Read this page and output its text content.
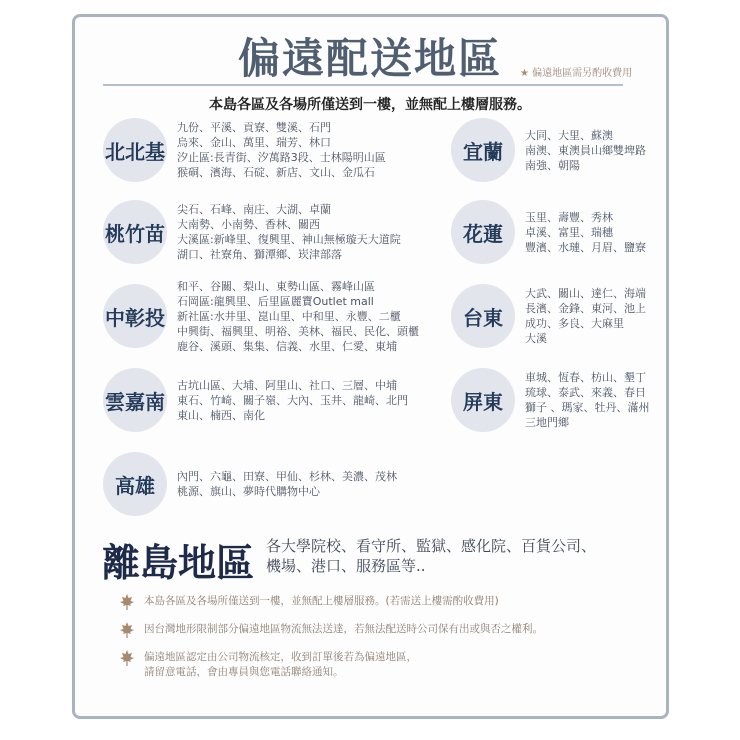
偏遠配送地區	★ 偏遠地區需另酌收費用
本島各區及各場所僅送到一樓，並無配上樓層服務。
北北基
九份、平溪、貢寮、雙溪、石門
烏來、金山、萬里、瑞芳、林口
汐止區:長青街、汐萬路3段、士林陽明山區
猴硐、濱海、石碇、新店、文山、金瓜石
宜蘭
大同、大里、蘇澳
南澳、東澳員山鄉雙埤路
南強、朝陽
桃竹苗
尖石、石峰、南庄、大湖、卓蘭
大南勢、小南勢、香林、關西
大溪區:新峰里、復興里、神山無極璇天大道院
湖口、社寮角、獅潭鄉、崁津部落
花蓮
玉里、壽豐、秀林
卓溪、富里、瑞穗
豐濱、水璉、月眉、鹽寮
中彰投
和平、谷關、梨山、東勢山區、霧峰山區
石岡區:龍興里、后里區麗寶Outlet mall
新社區:水井里、崑山里、中和里、永豐、二櫃
中興街、福興里、明裕、美林、福民、民化、頭櫃
鹿谷、溪頭、集集、信義、水里、仁愛、東埔
台東
大武、關山、達仁、海端
長濱、金鋒、東河、池上
成功、多良、大麻里
大溪
雲嘉南
古坑山區、大埔、阿里山、社口、三層、中埔
東石、竹崎、關子嶺、大內、玉井、龍崎、北門
東山、楠西、南化
屏東
車城、恆春、枋山、墾丁
琉球、泰武、來義、春日
獅子 、瑪家、牡丹、滿州
三地門鄉
高雄	內門、六龜、田寮、甲仙、杉林、美濃、茂林
桃源、旗山、夢時代購物中心
離島地區 各大學院校、看守所、監獄、感化院、百貨公司、
機場、港口、服務區等..
本島各區及各場所僅送到一樓，並無配上樓層服務。(若需送上樓需酌收費用)
因台灣地形限制部分偏遠地區物流無法送達，若無法配送時公司保有出或與否之權利。
偏遠地區認定由公司物流核定，收到訂單後若為偏遠地區，
請留意電話，會由專員與您電話聯絡通知。
